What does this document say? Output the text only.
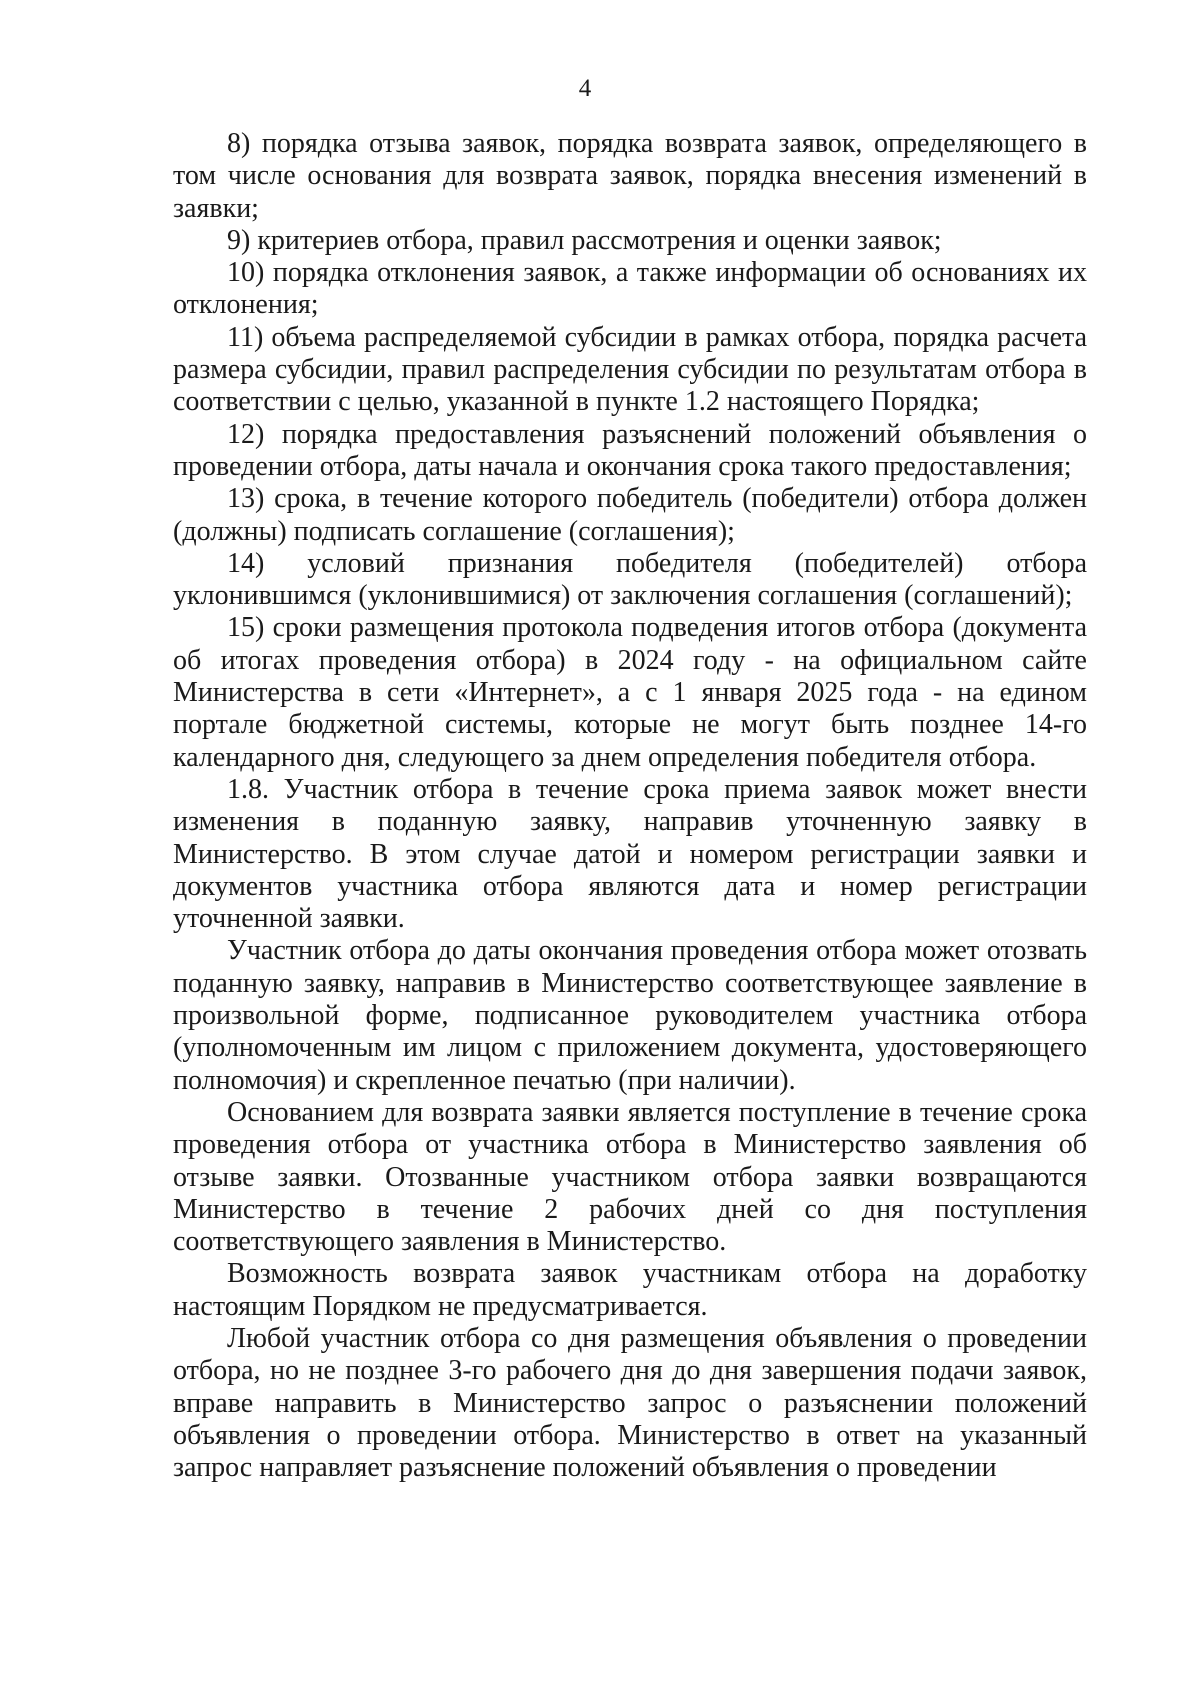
4

8) порядка отзыва заявок, порядка возврата заявок, определяющего в том числе основания для возврата заявок, порядка внесения изменений в заявки;

9) критериев отбора, правил рассмотрения и оценки заявок;

10) порядка отклонения заявок, а также информации об основаниях их отклонения;

11) объема распределяемой субсидии в рамках отбора, порядка расчета размера субсидии, правил распределения субсидии по результатам отбора в соответствии с целью, указанной в пункте 1.2 настоящего Порядка;

12) порядка предоставления разъяснений положений объявления о проведении отбора, даты начала и окончания срока такого предоставления;

13) срока, в течение которого победитель (победители) отбора должен (должны) подписать соглашение (соглашения);

14) условий признания победителя (победителей) отбора уклонившимся (уклонившимися) от заключения соглашения (соглашений);

15) сроки размещения протокола подведения итогов отбора (документа об итогах проведения отбора) в 2024 году - на официальном сайте Министерства в сети «Интернет», а с 1 января 2025 года - на едином портале бюджетной системы, которые не могут быть позднее 14-го календарного дня, следующего за днем определения победителя отбора.

1.8. Участник отбора в течение срока приема заявок может внести изменения в поданную заявку, направив уточненную заявку в Министерство. В этом случае датой и номером регистрации заявки и документов участника отбора являются дата и номер регистрации уточненной заявки.

Участник отбора до даты окончания проведения отбора может отозвать поданную заявку, направив в Министерство соответствующее заявление в произвольной форме, подписанное руководителем участника отбора (уполномоченным им лицом с приложением документа, удостоверяющего полномочия) и скрепленное печатью (при наличии).

Основанием для возврата заявки является поступление в течение срока проведения отбора от участника отбора в Министерство заявления об отзыве заявки. Отозванные участником отбора заявки возвращаются Министерство в течение 2 рабочих дней со дня поступления соответствующего заявления в Министерство.

Возможность возврата заявок участникам отбора на доработку настоящим Порядком не предусматривается.

Любой участник отбора со дня размещения объявления о проведении отбора, но не позднее 3-го рабочего дня до дня завершения подачи заявок, вправе направить в Министерство запрос о разъяснении положений объявления о проведении отбора. Министерство в ответ на указанный запрос направляет разъяснение положений объявления о проведении
